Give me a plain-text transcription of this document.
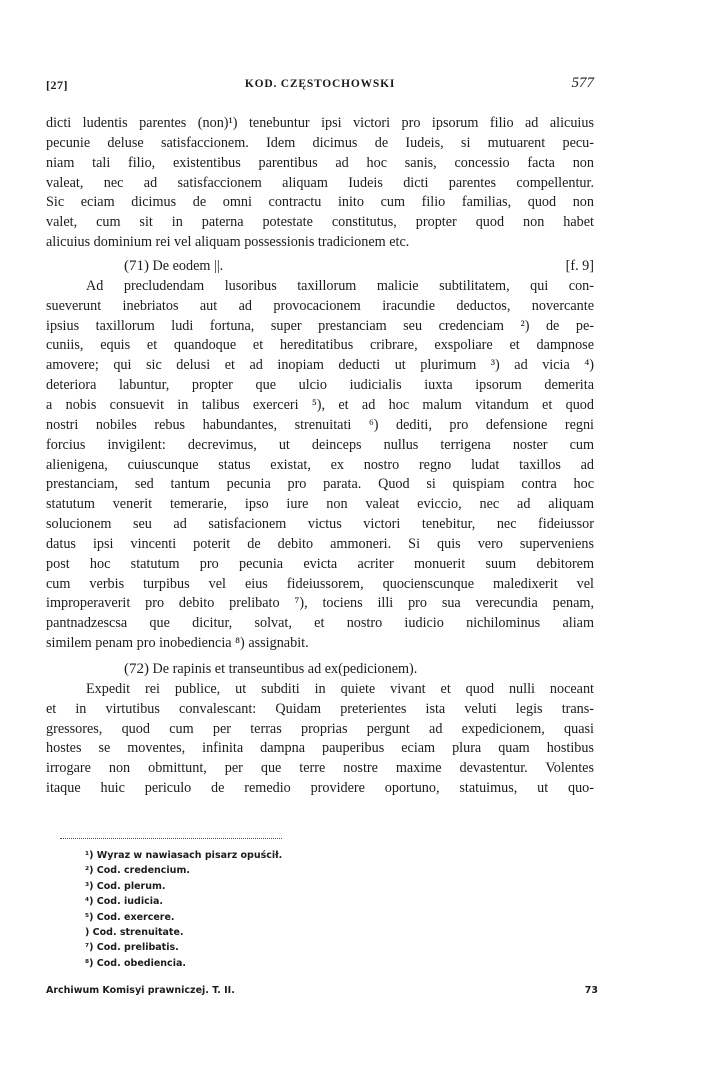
[27]	KOD. CZĘSTOCHOWSKI	577
dicti ludentis parentes (non)¹) tenebuntur ipsi victori pro ipsorum filio ad alicuius
pecunie deluse satisfaccionem. Idem dicimus de Iudeis, si mutuarent pecu-
niam tali filio, existentibus parentibus ad hoc sanis, concessio facta non
valeat, nec ad satisfaccionem aliquam Iudeis dicti parentes compellentur.
Sic eciam dicimus de omni contractu inito cum filio familias, quod non
valet, cum sit in paterna potestate constitutus, propter quod non habet
alicuius dominium rei vel aliquam possessionis tradicionem etc.
(71) De eodem ||.	[f. 9]
Ad precludendam lusoribus taxillorum malicie subtilitatem, qui con-
sueverunt inebriatos aut ad provocacionem iracundie deductos, novercante
ipsius taxillorum ludi fortuna, super prestanciam seu credenciam ²) de pe-
cuniis, equis et quandoque et hereditatibus cribrare, exspoliare et dampnose
amovere; qui sic delusi et ad inopiam deducti ut plurimum ³) ad vicia ⁴)
deteriora labuntur, propter que ulcio iudicialis iuxta ipsorum demerita
a nobis consuevit in talibus exerceri ⁵), et ad hoc malum vitandum et quod
nostri nobiles rebus habundantes, strenuitati ⁶) dediti, pro defensione regni
forcius invigilent: decrevimus, ut deinceps nullus terrigena noster cum
alienigena, cuiuscunque status existat, ex nostro regno ludat taxillos ad
prestanciam, sed tantum pecunia pro parata. Quod si quispiam contra hoc
statutum venerit temerarie, ipso iure non valeat eviccio, nec ad aliquam
solucionem seu ad satisfacionem victus victori tenebitur, nec fideiussor
datus ipsi vincenti poterit de debito ammoneri. Si quis vero superveniens
post hoc statutum pro pecunia evicta acriter monuerit suum debitorem
cum verbis turpibus vel eius fideiussorem, quocienscunque maledixerit vel
improperaverit pro debito prelibato ⁷), tociens illi pro sua verecundia penam,
pantnadzescsa que dicitur, solvat, et nostro iudicio nichilominus aliam
similem penam pro inobediencia ⁸) assignabit.
(72) De rapinis et transeuntibus ad ex(pedicionem).
Expedit rei publice, ut subditi in quiete vivant et quod nulli noceant
et in virtutibus convalescant: Quidam preterientes ista veluti legis trans-
gressores, quod cum per terras proprias pergunt ad expedicionem, quasi
hostes se moventes, infinita dampna pauperibus eciam plura quam hostibus
irrogare non obmittunt, per que terre nostre maxime devastentur. Volentes
itaque huic periculo de remedio providere oportuno, statuimus, ut quo-
¹) Wyraz w nawiasach pisarz opuścił.
²) Cod. credencium.
³) Cod. plerum.
⁴) Cod. iudicia.
⁵) Cod. exercere.
) Cod. strenuitate.
⁷) Cod. prelibatis.
⁸) Cod. obediencia.
Archiwum Komisyi prawniczej. T. II.	73
